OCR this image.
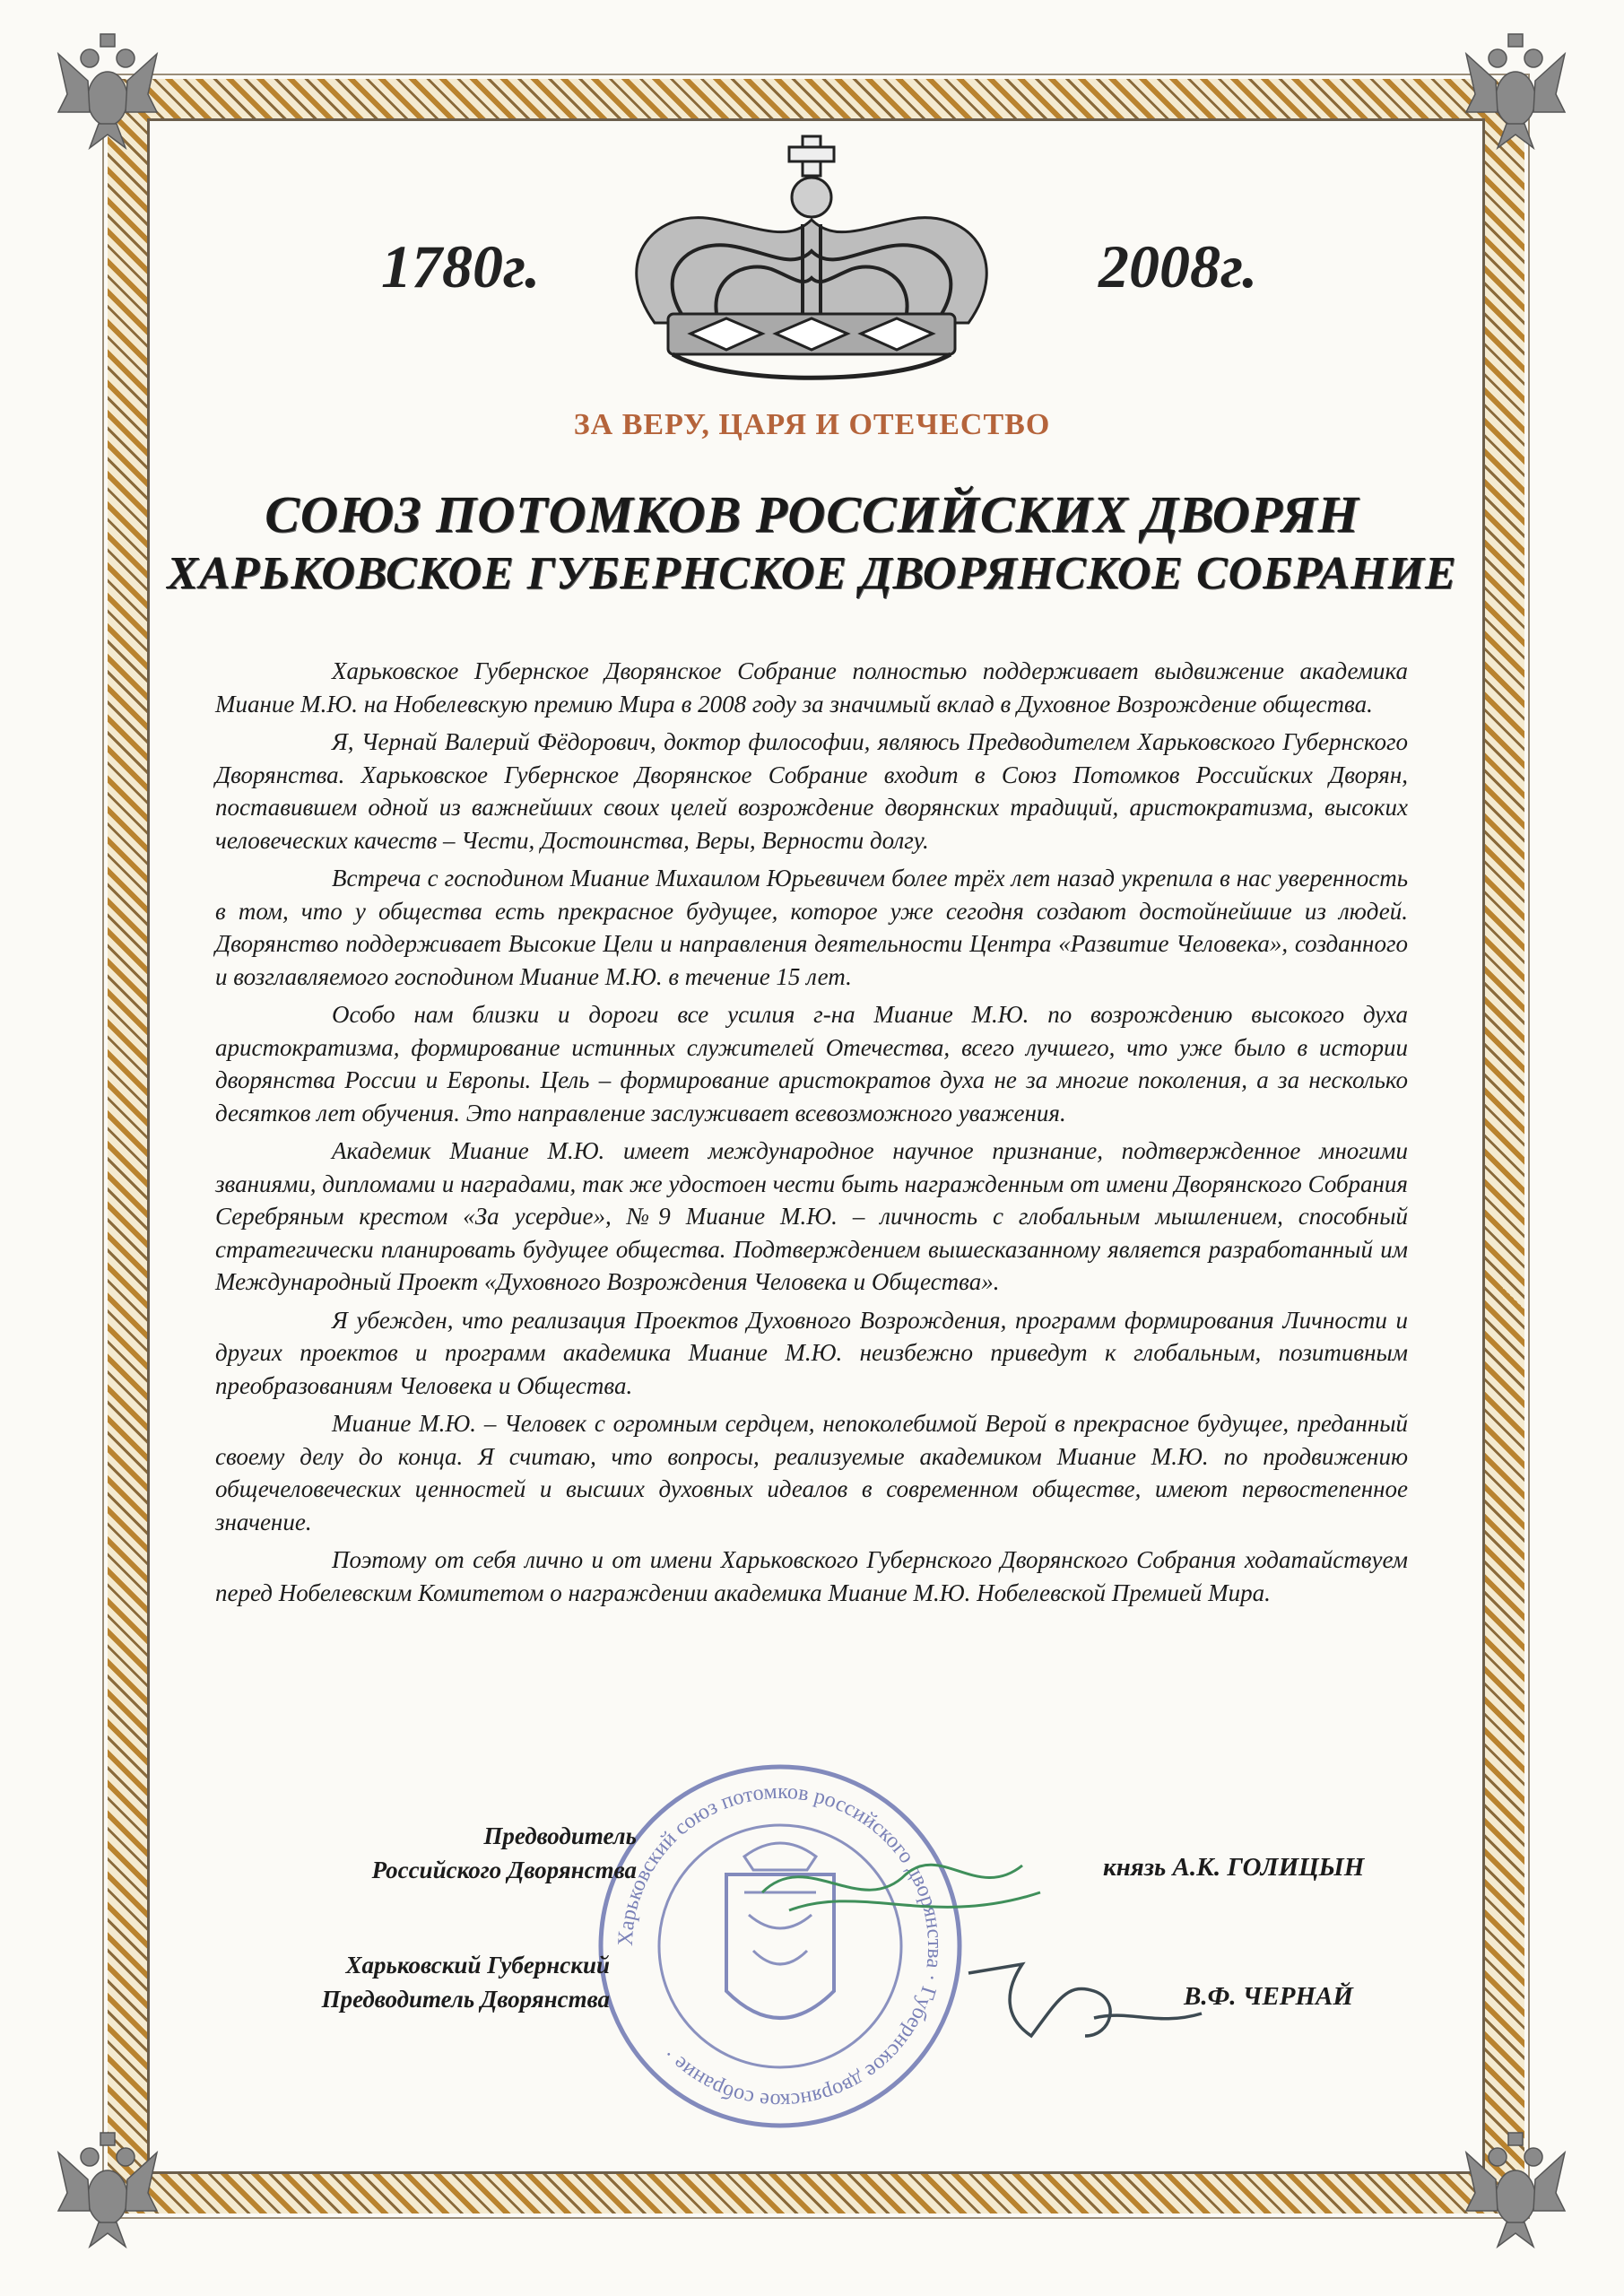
1780г.	2008г.
ЗА ВЕРУ, ЦАРЯ И ОТЕЧЕСТВО
СОЮЗ ПОТОМКОВ РОССИЙСКИХ ДВОРЯН
ХАРЬКОВСКОЕ ГУБЕРНСКОЕ ДВОРЯНСКОЕ СОБРАНИЕ

Харьковское Губернское Дворянское Собрание полностью поддерживает выдвижение академика Миание М.Ю. на Нобелевскую премию Мира в 2008 году за значимый вклад в Духовное Возрождение общества.

Я, Чернай Валерий Фёдорович, доктор философии, являюсь Предводителем Харьковского Губернского Дворянства. Харьковское Губернское Дворянское Собрание входит в Союз Потомков Российских Дворян, поставившем одной из важнейших своих целей возрождение дворянских традиций, аристократизма, высоких человеческих качеств – Чести, Достоинства, Веры, Верности долгу.

Встреча с господином Миание Михаилом Юрьевичем более трёх лет назад укрепила в нас уверенность в том, что у общества есть прекрасное будущее, которое уже сегодня создают достойнейшие из людей. Дворянство поддерживает Высокие Цели и направления деятельности Центра «Развитие Человека», созданного и возглавляемого господином Миание М.Ю. в течение 15 лет.

Особо нам близки и дороги все усилия г-на Миание М.Ю. по возрождению высокого духа аристократизма, формирование истинных служителей Отечества, всего лучшего, что уже было в истории дворянства России и Европы. Цель – формирование аристократов духа не за многие поколения, а за несколько десятков лет обучения. Это направление заслуживает всевозможного уважения.

Академик Миание М.Ю. имеет международное научное признание, подтвержденное многими званиями, дипломами и наградами, так же удостоен чести быть награжденным от имени Дворянского Собрания Серебряным крестом «За усердие», №9 Миание М.Ю. – личность с глобальным мышлением, способный стратегически планировать будущее общества. Подтверждением вышесказанному является разработанный им Международный Проект «Духовного Возрождения Человека и Общества».

Я убежден, что реализация Проектов Духовного Возрождения, программ формирования Личности и других проектов и программ академика Миание М.Ю. неизбежно приведут к глобальным, позитивным преобразованиям Человека и Общества.

Миание М.Ю. – Человек с огромным сердцем, непоколебимой Верой в прекрасное будущее, преданный своему делу до конца. Я считаю, что вопросы, реализуемые академиком Миание М.Ю. по продвижению общечеловеческих ценностей и высших духовных идеалов в современном обществе, имеют первостепенное значение.

Поэтому от себя лично и от имени Харьковского Губернского Дворянского Собрания ходатайствуем перед Нобелевским Комитетом о награждении академика Миание М.Ю. Нобелевской Премией Мира.

Харьковский союз потомков российского дворянства · Губернское дворянское собрание ·
Предводитель
Российского Дворянства	князь А.К. ГОЛИЦЫН
Харьковский Губернский
Предводитель Дворянства	В.Ф. ЧЕРНАЙ
